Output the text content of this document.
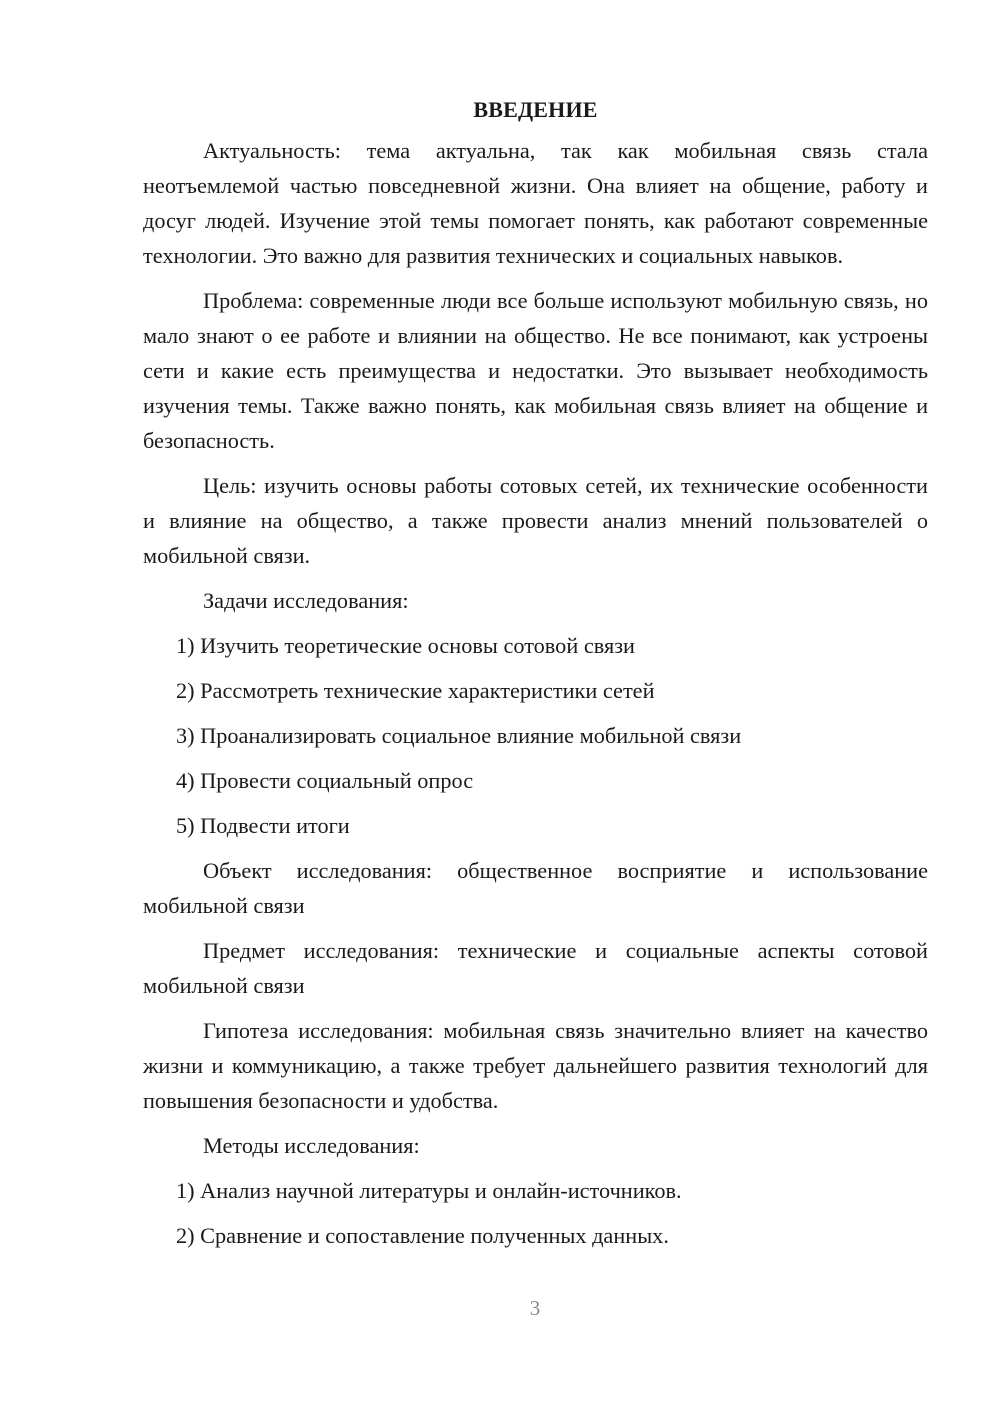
ВВЕДЕНИЕ

Актуальность: тема актуальна, так как мобильная связь стала неотъемлемой частью повседневной жизни. Она влияет на общение, работу и досуг людей. Изучение этой темы помогает понять, как работают современные технологии. Это важно для развития технических и социальных навыков.

Проблема: современные люди все больше используют мобильную связь, но мало знают о ее работе и влиянии на общество. Не все понимают, как устроены сети и какие есть преимущества и недостатки. Это вызывает необходимость изучения темы. Также важно понять, как мобильная связь влияет на общение и безопасность.

Цель: изучить основы работы сотовых сетей, их технические особенности и влияние на общество, а также провести анализ мнений пользователей о мобильной связи.

Задачи исследования:
1) Изучить теоретические основы сотовой связи
2) Рассмотреть технические характеристики сетей
3) Проанализировать социальное влияние мобильной связи
4) Провести социальный опрос
5) Подвести итоги

Объект исследования: общественное восприятие и использование мобильной связи

Предмет исследования: технические и социальные аспекты сотовой мобильной связи

Гипотеза исследования: мобильная связь значительно влияет на качество жизни и коммуникацию, а также требует дальнейшего развития технологий для повышения безопасности и удобства.

Методы исследования:
1) Анализ научной литературы и онлайн-источников.
2) Сравнение и сопоставление полученных данных.
3
